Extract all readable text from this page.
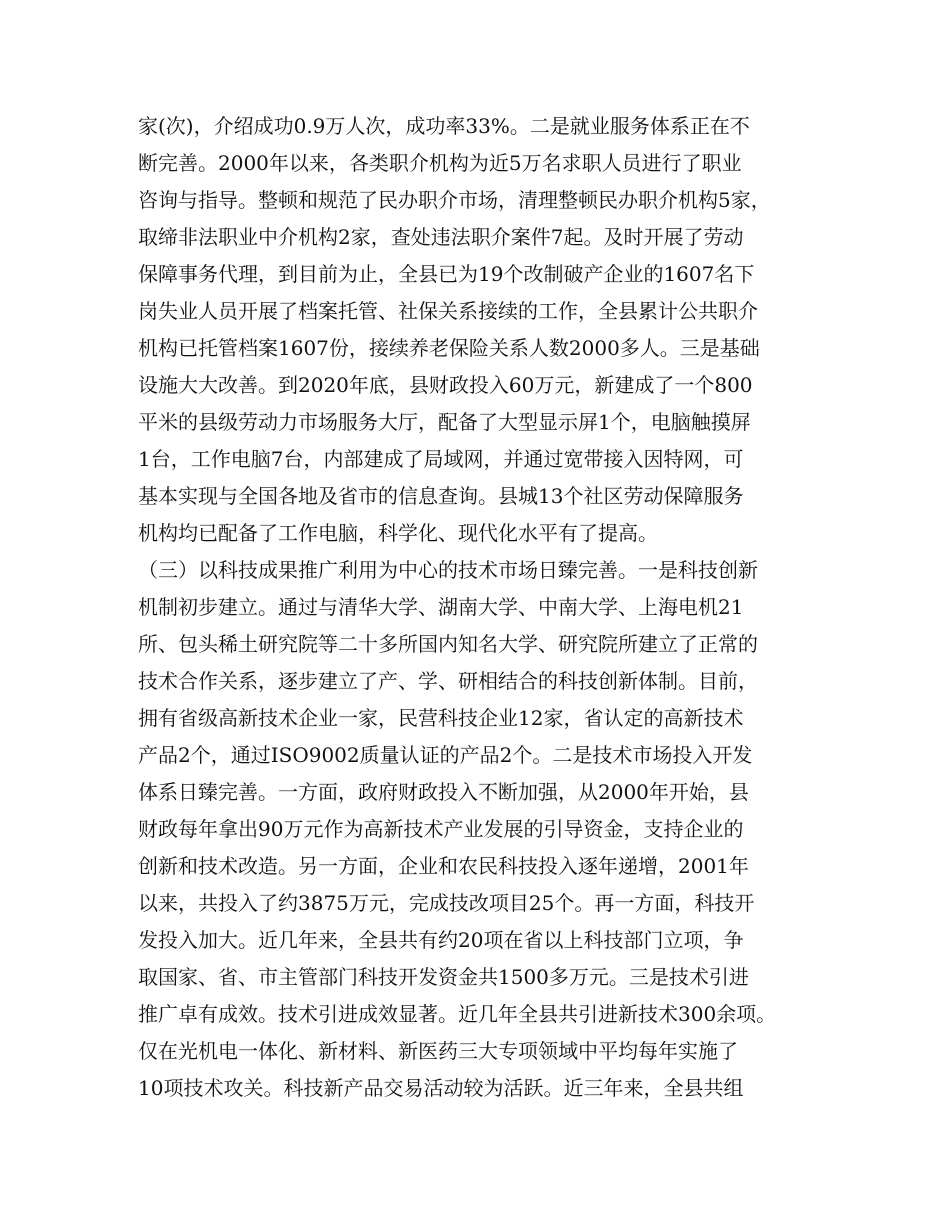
家(次)，介绍成功0.9万人次，成功率33%。二是就业服务体系正在不
断完善。2000年以来，各类职介机构为近5万名求职人员进行了职业
咨询与指导。整顿和规范了民办职介市场，清理整顿民办职介机构5家，
取缔非法职业中介机构2家，查处违法职介案件7起。及时开展了劳动
保障事务代理，到目前为止，全县已为19个改制破产企业的1607名下
岗失业人员开展了档案托管、社保关系接续的工作，全县累计公共职介
机构已托管档案1607份，接续养老保险关系人数2000多人。三是基础
设施大大改善。到2020年底，县财政投入60万元，新建成了一个800
平米的县级劳动力市场服务大厅，配备了大型显示屏1个，电脑触摸屏
1台，工作电脑7台，内部建成了局域网，并通过宽带接入因特网，可
基本实现与全国各地及省市的信息查询。县城13个社区劳动保障服务
机构均已配备了工作电脑，科学化、现代化水平有了提高。
（三）以科技成果推广利用为中心的技术市场日臻完善。一是科技创新
机制初步建立。通过与清华大学、湖南大学、中南大学、上海电机21
所、包头稀土研究院等二十多所国内知名大学、研究院所建立了正常的
技术合作关系，逐步建立了产、学、研相结合的科技创新体制。目前，
拥有省级高新技术企业一家，民营科技企业12家，省认定的高新技术
产品2个，通过ISO9002质量认证的产品2个。二是技术市场投入开发
体系日臻完善。一方面，政府财政投入不断加强，从2000年开始，县
财政每年拿出90万元作为高新技术产业发展的引导资金，支持企业的
创新和技术改造。另一方面，企业和农民科技投入逐年递增，2001年
以来，共投入了约3875万元，完成技改项目25个。再一方面，科技开
发投入加大。近几年来，全县共有约20项在省以上科技部门立项，争
取国家、省、市主管部门科技开发资金共1500多万元。三是技术引进
推广卓有成效。技术引进成效显著。近几年全县共引进新技术300余项。
仅在光机电一体化、新材料、新医药三大专项领域中平均每年实施了
10项技术攻关。科技新产品交易活动较为活跃。近三年来，全县共组
